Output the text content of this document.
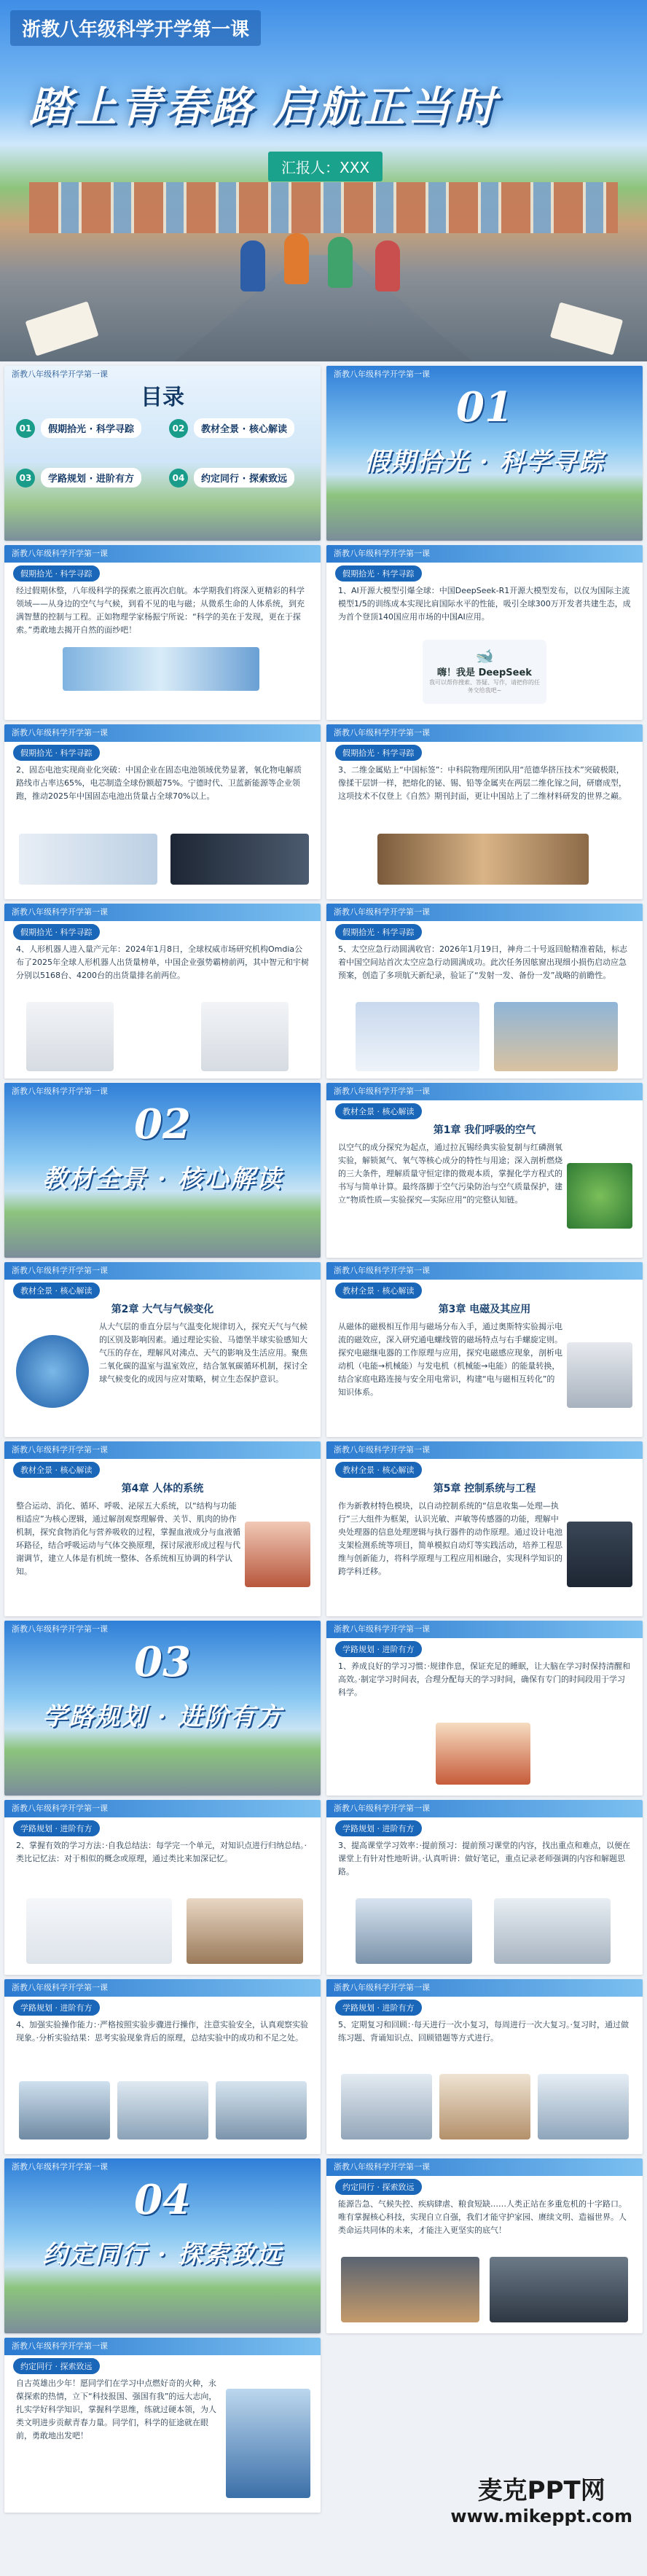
浙教八年级科学开学第一课
踏上青春路 启航正当时
汇报人：XXX
浙教八年级科学开学第一课
目录
01	假期拾光 · 科学寻踪	02	教材全景 · 核心解读
03	学路规划 · 进阶有方	04	约定同行 · 探索致远
浙教八年级科学开学第一课
01
假期拾光 · 科学寻踪
浙教八年级科学开学第一课
假期拾光 · 科学寻踪
经过假期休整，八年级科学的探索之旅再次启航。本学期我们将深入更精彩的科学领域——从身边的空气与气候，到看不见的电与磁；从微系生命的人体系统，到充满智慧的控制与工程。正如物理学家杨振宁所说：“科学的美在于发现，更在于探索。”勇敢地去揭开自然的面纱吧！
浙教八年级科学开学第一课
假期拾光 · 科学寻踪
1、AI开源大模型引爆全球：中国DeepSeek-R1开源大模型发布，以仅为国际主流模型1/5的训练成本实现比肩国际水平的性能，吸引全球300万开发者共建生态，成为首个登顶140国应用市场的中国AI应用。
🐋
嗨！我是 DeepSeek
我可以帮你搜索、答疑、写作，请把你的任务交给我吧~
浙教八年级科学开学第一课
假期拾光 · 科学寻踪
2、固态电池实现商业化突破：中国企业在固态电池领域优势显著，氧化物电解质路线市占率达65%，电芯制造全球份额超75%。宁德时代、卫蓝新能源等企业领跑，推动2025年中国固态电池出货量占全球70%以上。
浙教八年级科学开学第一课
假期拾光 · 科学寻踪
3、二维金属贴上“中国标签”：中科院物理所团队用“范德华挤压技术”突破极限，像揉干层饼一样，把熔化的铋、锡、铅等金属夹在两层二维化镓之间，研磨成型，这项技术不仅登上《自然》期刊封面，更让中国站上了二维材料研发的世界之巅。
浙教八年级科学开学第一课
假期拾光 · 科学寻踪
4、人形机器人进入量产元年：2024年1月8日，全球权威市场研究机构Omdia公布了2025年全球人形机器人出货量榜单，中国企业强势霸榜前两，其中智元和宇树分别以5168台、4200台的出货量排名前两位。
浙教八年级科学开学第一课
假期拾光 · 科学寻踪
5、太空应急行动圆满收官：2026年1月19日，神舟二十号返回舱精准着陆，标志着中国空间站首次太空应急行动圆满成功。此次任务因舷窗出现细小损伤启动应急预案，创造了多项航天新纪录，验证了“发射一发、备份一发”战略的前瞻性。
浙教八年级科学开学第一课
02
教材全景 · 核心解读
浙教八年级科学开学第一课
教材全景 · 核心解读
第1章 我们呼吸的空气
以空气的成分探究为起点，通过拉瓦锡经典实验复制与红磷测氧实验，解锁氮气、氧气等核心成分的特性与用途；深入剖析燃烧的三大条件，理解质量守恒定律的微观本质，掌握化学方程式的书写与简单计算。最终落脚于空气污染防治与空气质量保护，建立“物质性质—实验探究—实际应用”的完整认知链。
浙教八年级科学开学第一课
教材全景 · 核心解读
第2章 大气与气候变化
从大气层的垂直分层与气温变化规律切入，探究天气与气候的区别及影响因素。通过理论实验、马德堡半球实验感知大气压的存在，理解风对沸点、天气的影响及生活应用。聚焦二氧化碳的温室与温室效应，结合氢氧碳循环机制，探讨全球气候变化的成因与应对策略，树立生态保护意识。
浙教八年级科学开学第一课
教材全景 · 核心解读
第3章 电磁及其应用
从磁体的磁极相互作用与磁场分布入手，通过奥斯特实验揭示电流的磁效应，深入研究通电螺线管的磁场特点与右手螺旋定则。探究电磁继电器的工作原理与应用，探究电磁感应现象，剖析电动机（电能→机械能）与发电机（机械能→电能）的能量转换，结合家庭电路连接与安全用电常识，构建“电与磁相互转化”的知识体系。
浙教八年级科学开学第一课
教材全景 · 核心解读
第4章 人体的系统
整合运动、消化、循环、呼吸、泌尿五大系统，以“结构与功能相适应”为核心逻辑，通过解剖观察理解骨、关节、肌肉的协作机制，探究食物消化与营养吸收的过程，掌握血液成分与血液循环路径，结合呼吸运动与气体交换原理，探讨尿液形成过程与代谢调节，建立人体是有机统一整体、各系统相互协调的科学认知。
浙教八年级科学开学第一课
教材全景 · 核心解读
第5章 控制系统与工程
作为新教材特色模块，以自动控制系统的“信息收集—处理—执行”三大组件为框架，认识光敏、声敏等传感器的功能，理解中央处理器的信息处理逻辑与执行器件的动作原理。通过设计电池支架检测系统等项目，简单模拟自动灯等实践活动，培养工程思维与创新能力，将科学原理与工程应用相融合，实现科学知识的跨学科迁移。
浙教八年级科学开学第一课
03
学路规划 · 进阶有方
浙教八年级科学开学第一课
学路规划 · 进阶有方
1、养成良好的学习习惯：·规律作息，保证充足的睡眠，让大脑在学习时保持清醒和高效。·制定学习时间表，合理分配每天的学习时间，确保有专门的时间段用于学习科学。
浙教八年级科学开学第一课
学路规划 · 进阶有方
2、掌握有效的学习方法：·自我总结法：每学完一个单元，对知识点进行归纳总结。·类比记忆法：对于相似的概念或原理，通过类比来加深记忆。
浙教八年级科学开学第一课
学路规划 · 进阶有方
3、提高课堂学习效率：·提前预习：提前预习课堂的内容，找出重点和难点，以便在课堂上有针对性地听讲。·认真听讲：做好笔记，重点记录老师强调的内容和解题思路。
浙教八年级科学开学第一课
学路规划 · 进阶有方
4、加强实验操作能力：·严格按照实验步骤进行操作，注意实验安全，认真观察实验现象。·分析实验结果：思考实验现象背后的原理，总结实验中的成功和不足之处。
浙教八年级科学开学第一课
学路规划 · 进阶有方
5、定期复习和回顾：·每天进行一次小复习，每周进行一次大复习。·复习时，通过做练习题、背诵知识点、回顾错题等方式进行。
浙教八年级科学开学第一课
04
约定同行 · 探索致远
浙教八年级科学开学第一课
约定同行 · 探索致远
能源告急、气候失控、疾病肆虐、粮食短缺……人类正站在多重危机的十字路口。唯有掌握核心科技，实现自立自强，我们才能守护家园、赓续文明、造福世界。人类命运共同体的未来，才能注入更坚实的底气！
浙教八年级科学开学第一课
约定同行 · 探索致远
自古英雄出少年！愿同学们在学习中点燃好奇的火种，永葆探索的热情，立下“科技报国、强国有我”的远大志向，扎实学好科学知识，掌握科学思维，练就过硬本领，为人类文明进步贡献青春力量。同学们，科学的征途就在眼前，勇敢地出发吧！
麦克PPT网
www.mikeppt.com
